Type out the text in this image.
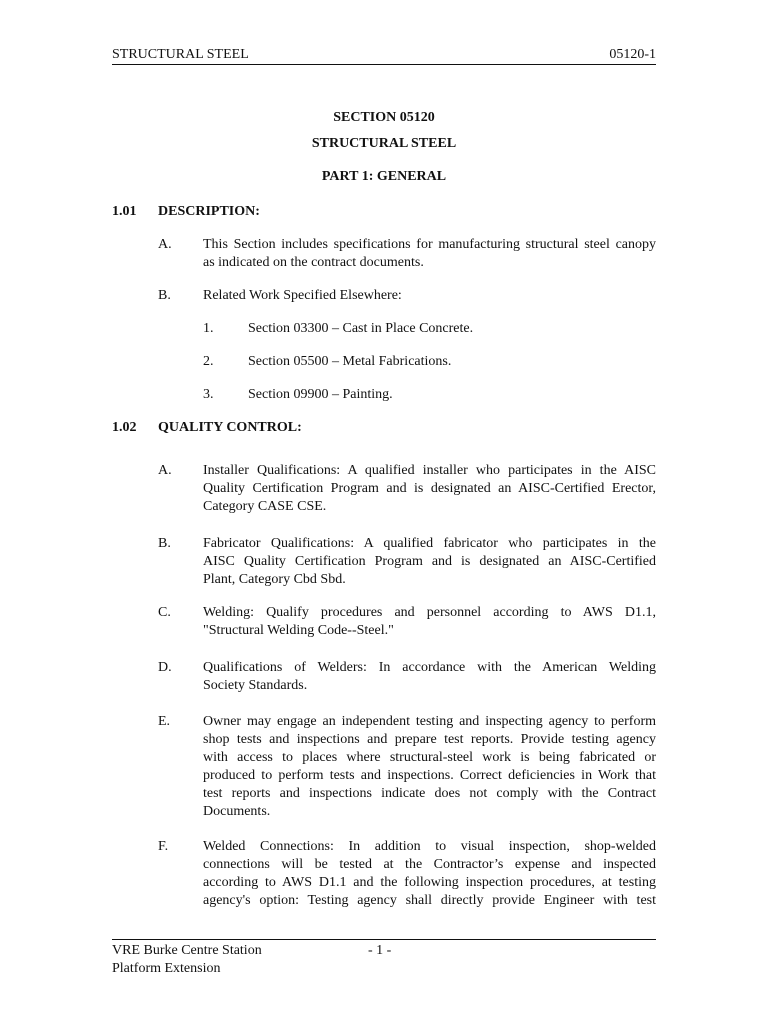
STRUCTURAL STEEL	05120-1
SECTION 05120
STRUCTURAL STEEL
PART 1: GENERAL
1.01 DESCRIPTION:
A. This Section includes specifications for manufacturing structural steel canopy
as indicated on the contract documents.
B. Related Work Specified Elsewhere:
1. Section 03300 – Cast in Place Concrete.
2. Section 05500 – Metal Fabrications.
3. Section 09900 – Painting.
1.02 QUALITY CONTROL:
A. Installer Qualifications: A qualified installer who participates in the AISC
Quality Certification Program and is designated an AISC-Certified Erector,
Category CASE CSE.
B. Fabricator Qualifications: A qualified fabricator who participates in the
AISC Quality Certification Program and is designated an AISC-Certified
Plant, Category Cbd Sbd.
C. Welding: Qualify procedures and personnel according to AWS D1.1,
"Structural Welding Code--Steel."
D. Qualifications of Welders: In accordance with the American Welding
Society Standards.
E. Owner may engage an independent testing and inspecting agency to perform
shop tests and inspections and prepare test reports. Provide testing agency
with access to places where structural-steel work is being fabricated or
produced to perform tests and inspections. Correct deficiencies in Work that
test reports and inspections indicate does not comply with the Contract
Documents.
F. Welded Connections: In addition to visual inspection, shop-welded
connections will be tested at the Contractor’s expense and inspected
according to AWS D1.1 and the following inspection procedures, at testing
agency's option: Testing agency shall directly provide Engineer with test
VRE Burke Centre Station
Platform Extension
- 1 -
